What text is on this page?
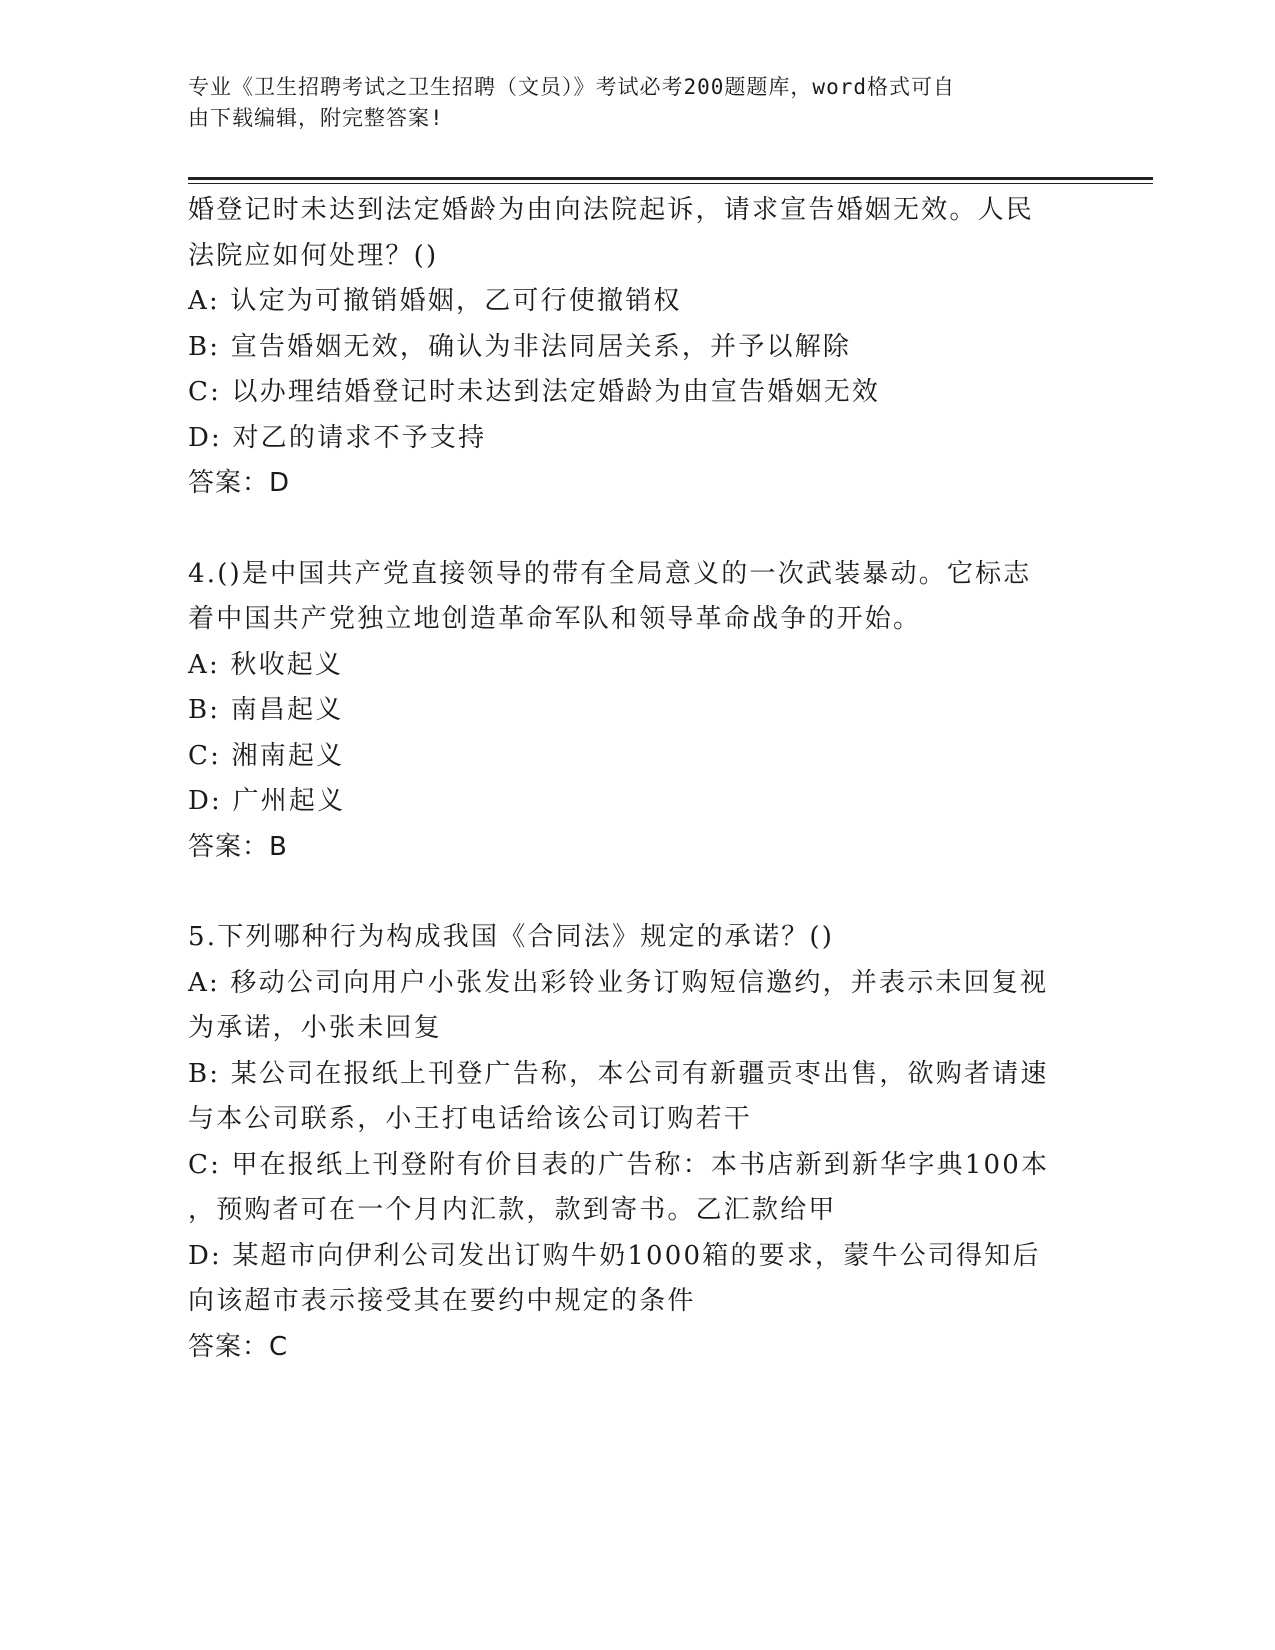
专业《卫生招聘考试之卫生招聘（文员）》考试必考200题题库，word格式可自
由下载编辑，附完整答案!
婚登记时未达到法定婚龄为由向法院起诉，请求宣告婚姻无效。人民
法院应如何处理？()
A: 认定为可撤销婚姻，乙可行使撤销权
B: 宣告婚姻无效，确认为非法同居关系，并予以解除
C: 以办理结婚登记时未达到法定婚龄为由宣告婚姻无效
D: 对乙的请求不予支持
答案：D
4.()是中国共产党直接领导的带有全局意义的一次武装暴动。它标志
着中国共产党独立地创造革命军队和领导革命战争的开始。
A: 秋收起义
B: 南昌起义
C: 湘南起义
D: 广州起义
答案：B
5.下列哪种行为构成我国《合同法》规定的承诺？()
A: 移动公司向用户小张发出彩铃业务订购短信邀约，并表示未回复视
为承诺，小张未回复
B: 某公司在报纸上刊登广告称，本公司有新疆贡枣出售，欲购者请速
与本公司联系，小王打电话给该公司订购若干
C: 甲在报纸上刊登附有价目表的广告称：本书店新到新华字典100本
，预购者可在一个月内汇款，款到寄书。乙汇款给甲
D: 某超市向伊利公司发出订购牛奶1000箱的要求，蒙牛公司得知后
向该超市表示接受其在要约中规定的条件
答案：C
